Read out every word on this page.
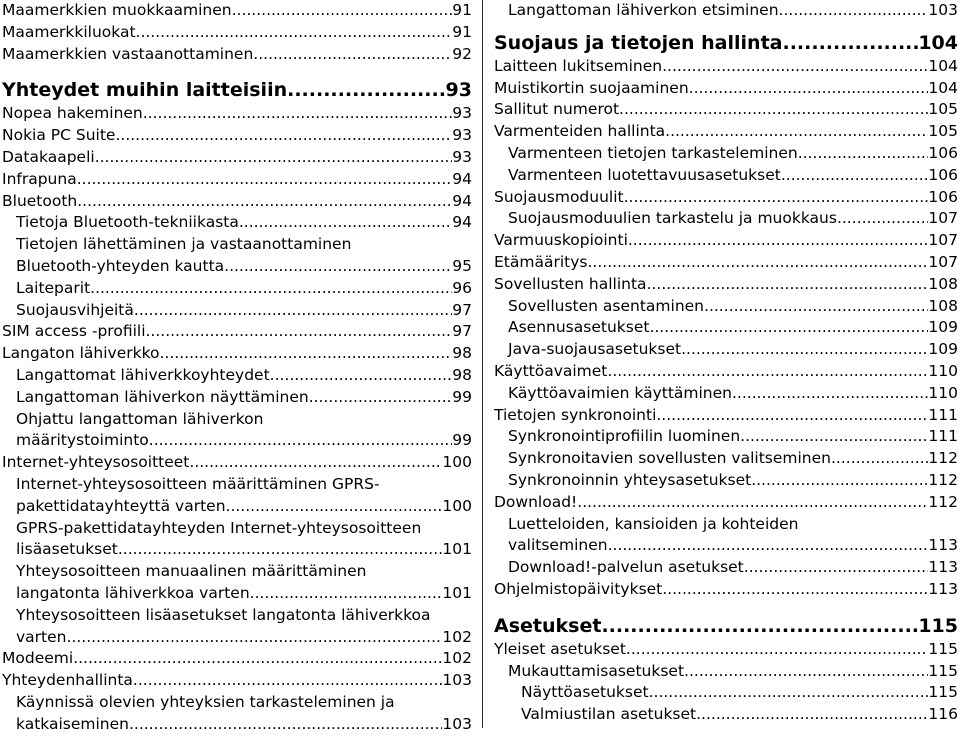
Maamerkkien muokkaaminen .....	91
Maamerkkiluokat .....	91
Maamerkkien vastaanottaminen .....	92
Yhteydet muihin laitteisiin .....	93
Nopea hakeminen .....	93
Nokia PC Suite .....	93
Datakaapeli .....	93
Infrapuna .....	94
Bluetooth .....	94
Tietoja Bluetooth-tekniikasta .....	94
Tietojen lähettäminen ja vastaanottaminen
Bluetooth-yhteyden kautta .....	95
Laiteparit .....	96
Suojausvihjeitä .....	97
SIM access -profiili .....	97
Langaton lähiverkko .....	98
Langattomat lähiverkkoyhteydet .....	98
Langattoman lähiverkon näyttäminen .....	99
Ohjattu langattoman lähiverkon
määritystoiminto .....	99
Internet-yhteysosoitteet .....	100
Internet-yhteysosoitteen määrittäminen GPRS-
pakettidatayhteyttä varten .....	100
GPRS-pakettidatayhteyden Internet-yhteysosoitteen
lisäasetukset .....	101
Yhteysosoitteen manuaalinen määrittäminen
langatonta lähiverkkoa varten .....	101
Yhteysosoitteen lisäasetukset langatonta lähiverkkoa
varten .....	102
Modeemi .....	102
Yhteydenhallinta .....	103
Käynnissä olevien yhteyksien tarkasteleminen ja
katkaiseminen .....	103
Langattoman lähiverkon etsiminen .....	103
Suojaus ja tietojen hallinta .....	104
Laitteen lukitseminen .....	104
Muistikortin suojaaminen .....	104
Sallitut numerot .....	105
Varmenteiden hallinta .....	105
Varmenteen tietojen tarkasteleminen .....	106
Varmenteen luotettavuusasetukset .....	106
Suojausmoduulit .....	106
Suojausmoduulien tarkastelu ja muokkaus .....	107
Varmuuskopiointi .....	107
Etämääritys .....	107
Sovellusten hallinta .....	108
Sovellusten asentaminen .....	108
Asennusasetukset .....	109
Java-suojausasetukset .....	109
Käyttöavaimet .....	110
Käyttöavaimien käyttäminen .....	110
Tietojen synkronointi .....	111
Synkronointiprofiilin luominen .....	111
Synkronoitavien sovellusten valitseminen .....	112
Synkronoinnin yhteysasetukset .....	112
Download! .....	112
Luetteloiden, kansioiden ja kohteiden
valitseminen .....	113
Download!-palvelun asetukset .....	113
Ohjelmistopäivitykset .....	113
Asetukset .....	115
Yleiset asetukset .....	115
Mukauttamisasetukset .....	115
Näyttöasetukset .....	115
Valmiustilan asetukset .....	116
